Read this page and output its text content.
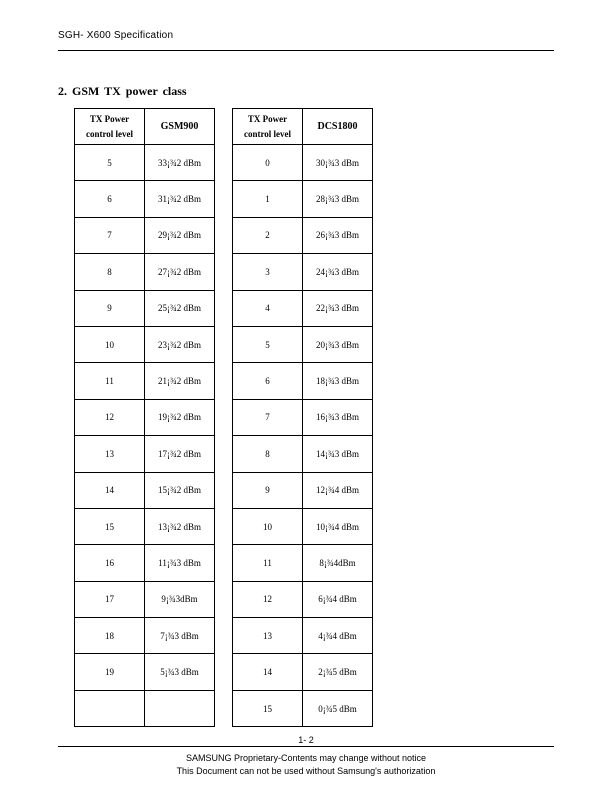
SGH- X600 Specification
2. GSM TX power class
TX Power
control level	GSM900
5	33¡¾2 dBm
6	31¡¾2 dBm
7	29¡¾2 dBm
8	27¡¾2 dBm
9	25¡¾2 dBm
10	23¡¾2 dBm
11	21¡¾2 dBm
12	19¡¾2 dBm
13	17¡¾2 dBm
14	15¡¾2 dBm
15	13¡¾2 dBm
16	11¡¾3 dBm
17	9¡¾3dBm
18	7¡¾3 dBm
19	5¡¾3 dBm

TX Power
control level	DCS1800
0	30¡¾3 dBm
1	28¡¾3 dBm
2	26¡¾3 dBm
3	24¡¾3 dBm
4	22¡¾3 dBm
5	20¡¾3 dBm
6	18¡¾3 dBm
7	16¡¾3 dBm
8	14¡¾3 dBm
9	12¡¾4 dBm
10	10¡¾4 dBm
11	8¡¾4dBm
12	6¡¾4 dBm
13	4¡¾4 dBm
14	2¡¾5 dBm
15	0¡¾5 dBm
1- 2
SAMSUNG Proprietary-Contents may change without notice
This Document can not be used without Samsung's authorization
